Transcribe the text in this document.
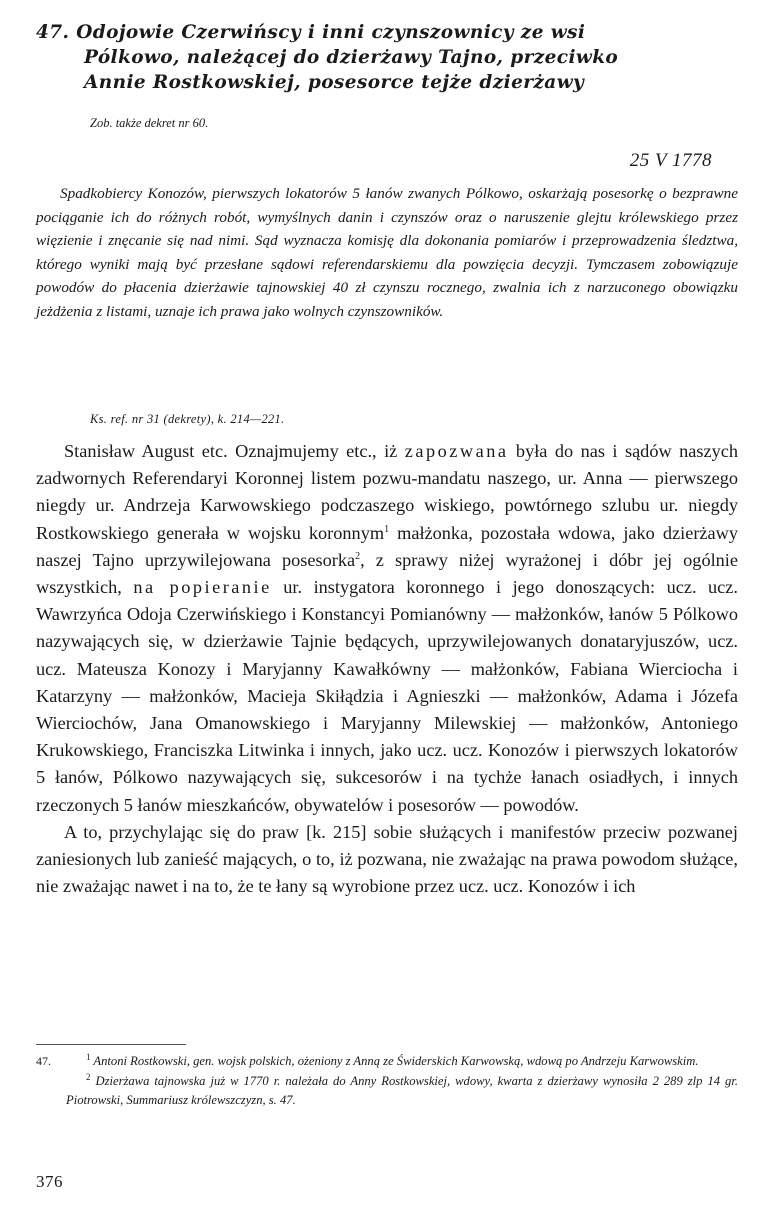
47. Odojowie Czerwińscy i inni czynszownicy ze wsi
Pólkowo, należącej do dzierżawy Tajno, przeciwko
Annie Rostkowskiej, posesorce tejże dzierżawy

Zob. także dekret nr 60.

25 V 1778

Spadkobiercy Konozów, pierwszych lokatorów 5 łanów zwanych Pólkowo, oskarżają posesorkę o bezprawne pociąganie ich do różnych robót, wymyślnych danin i czynszów oraz o naruszenie glejtu królewskiego przez więzienie i znęcanie się nad nimi. Sąd wyznacza komisję dla dokonania pomiarów i przeprowadzenia śledztwa, którego wyniki mają być przesłane sądowi referendarskiemu dla powzięcia decyzji. Tymczasem zobowiązuje powodów do płacenia dzierżawie tajnowskiej 40 zł czynszu rocznego, zwalnia ich z narzuconego obowiązku jeżdżenia z listami, uznaje ich prawa jako wolnych czynszowników.

Ks. ref. nr 31 (dekrety), k. 214—221.

Stanisław August etc. Oznajmujemy etc., iż zapozwana była do nas i sądów naszych zadwornych Referendaryi Koronnej listem pozwu-mandatu naszego, ur. Anna — pierwszego niegdy ur. Andrzeja Karwowskiego podczaszego wiskiego, powtórnego szlubu ur. niegdy Rostkowskiego generała w wojsku koronnym$^1$ małżonka, pozostała wdowa, jako dzierżawy naszej Tajno uprzywilejowana posesorka$^2$, z sprawy niżej wyrażonej i dóbr jej ogólnie wszystkich, na popieranie ur. instygatora koronnego i jego donoszących: ucz. ucz. Wawrzyńca Odoja Czerwińskiego i Konstancyi Pomianówny — małżonków, łanów 5 Pólkowo nazywających się, w dzierżawie Tajnie będących, uprzywilejowanych donataryjuszów, ucz. ucz. Mateusza Konozy i Maryjanny Kawałkówny — małżonków, Fabiana Wierciocha i Katarzyny — małżonków, Macieja Skiłądzia i Agnieszki — małżonków, Adama i Józefa Wierciochów, Jana Omanowskiego i Maryjanny Milewskiej — małżonków, Antoniego Krukowskiego, Franciszka Litwinka i innych, jako ucz. ucz. Konozów i pierwszych lokatorów 5 łanów, Pólkowo nazywających się, sukcesorów i na tychże łanach osiadłych, i innych rzeczonych 5 łanów mieszkańców, obywatelów i posesorów — powodów.

A to, przychylając się do praw [k. 215] sobie służących i manifestów przeciw pozwanej zaniesionych lub zanieść mających, o to, iż pozwana, nie zważając na prawa powodom służące, nie zważając nawet i na to, że te łany są wyrobione przez ucz. ucz. Konozów i ich

47.	$^1$ Antoni Rostkowski, gen. wojsk polskich, ożeniony z Anną ze Świderskich Karwowską, wdową po Andrzeju Karwowskim.

$^2$ Dzierżawa tajnowska już w 1770 r. należała do Anny Rostkowskiej, wdowy, kwarta z dzierżawy wynosiła 2 289 zlp 14 gr. Piotrowski, Summariusz królewszczyzn, s. 47.

376
